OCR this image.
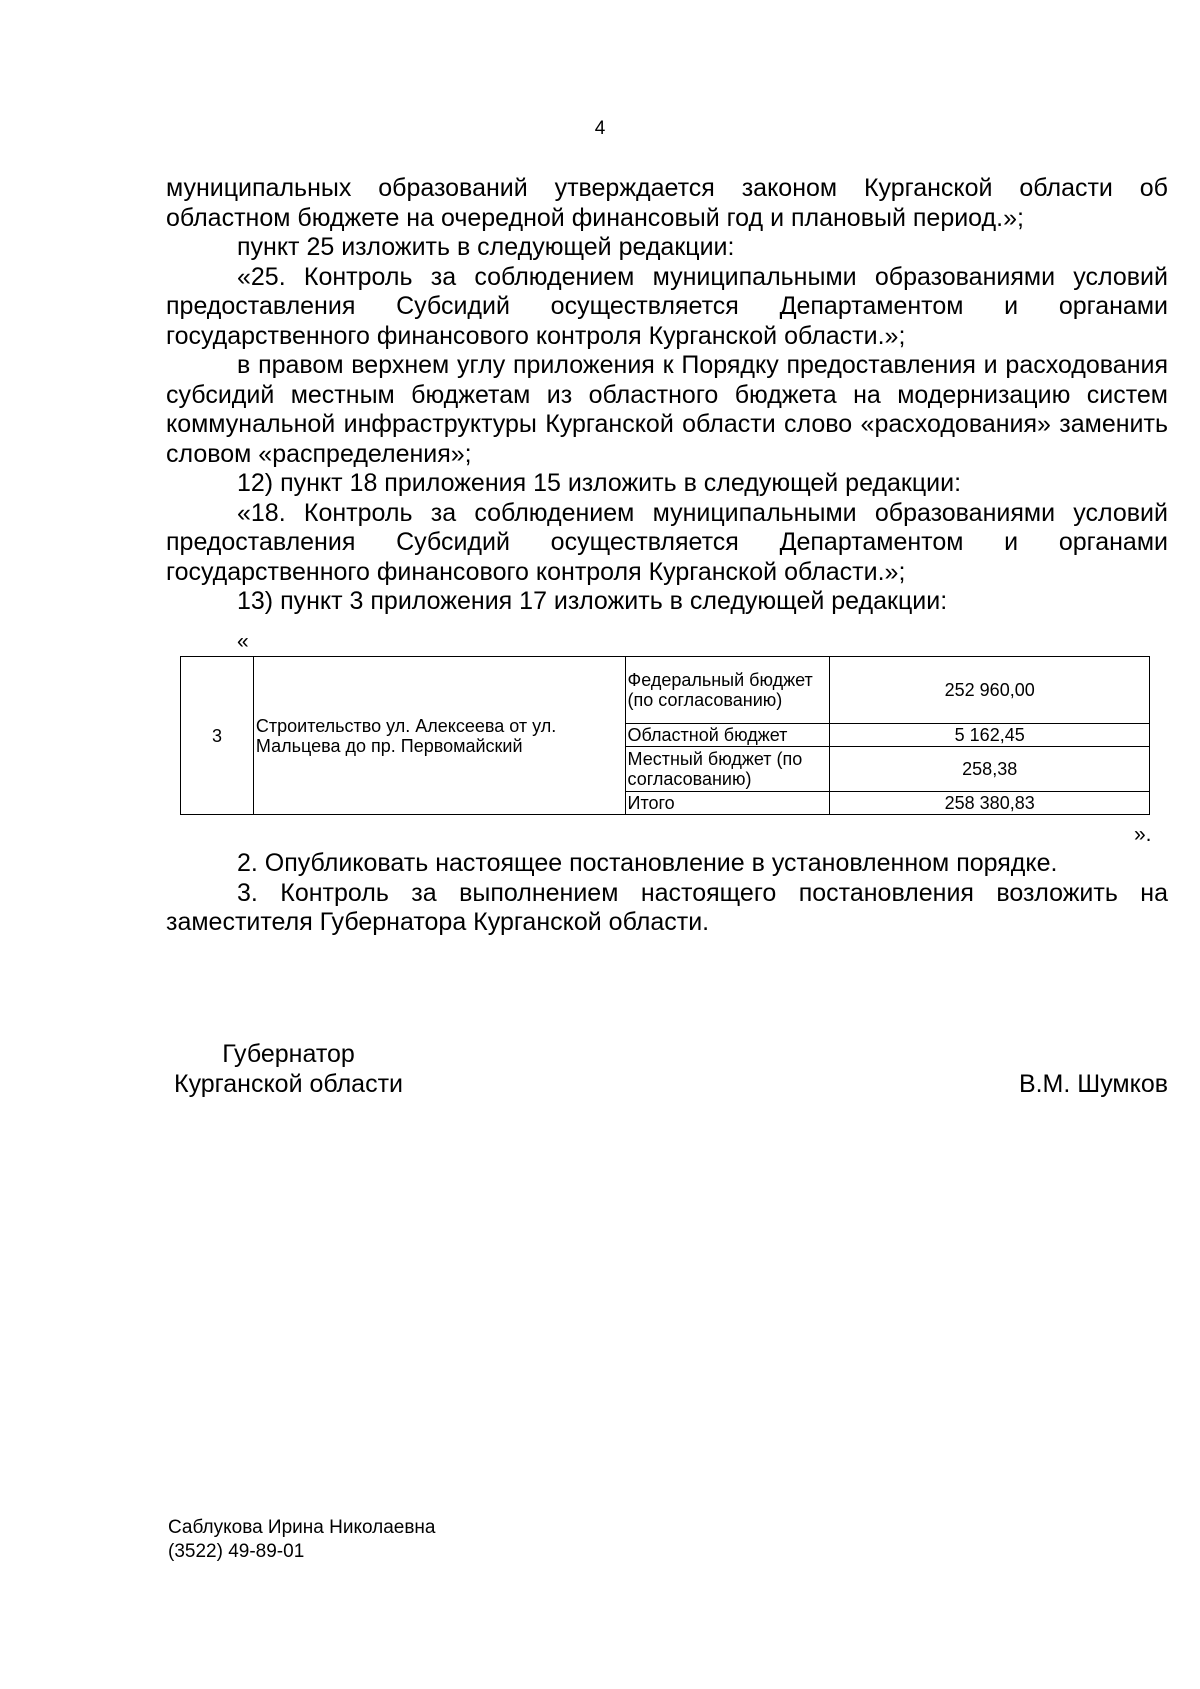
4

муниципальных образований утверждается законом Курганской области об областном бюджете на очередной финансовый год и плановый период.»;

пункт 25 изложить в следующей редакции:

«25. Контроль за соблюдением муниципальными образованиями условий предоставления Субсидий осуществляется Департаментом и органами государственного финансового контроля Курганской области.»;

в правом верхнем углу приложения к Порядку предоставления и расходования субсидий местным бюджетам из областного бюджета на модернизацию систем коммунальной инфраструктуры Курганской области слово «расходования» заменить словом «распределения»;

12) пункт 18 приложения 15 изложить в следующей редакции:

«18. Контроль за соблюдением муниципальными образованиями условий предоставления Субсидий осуществляется Департаментом и органами государственного финансового контроля Курганской области.»;

13) пункт 3 приложения 17 изложить в следующей редакции:

«
3	Строительство ул. Алексеева от ул. Мальцева до пр. Первомайский	Федеральный бюджет (по согласованию)	252 960,00
		Областной бюджет	5 162,45
		Местный бюджет (по согласованию)	258,38
		Итого	258 380,83
».

2. Опубликовать настоящее постановление в установленном порядке.

3. Контроль за выполнением настоящего постановления возложить на заместителя Губернатора Курганской области.

Губернатор
Курганской области	В.М. Шумков
Саблукова Ирина Николаевна
(3522) 49-89-01
